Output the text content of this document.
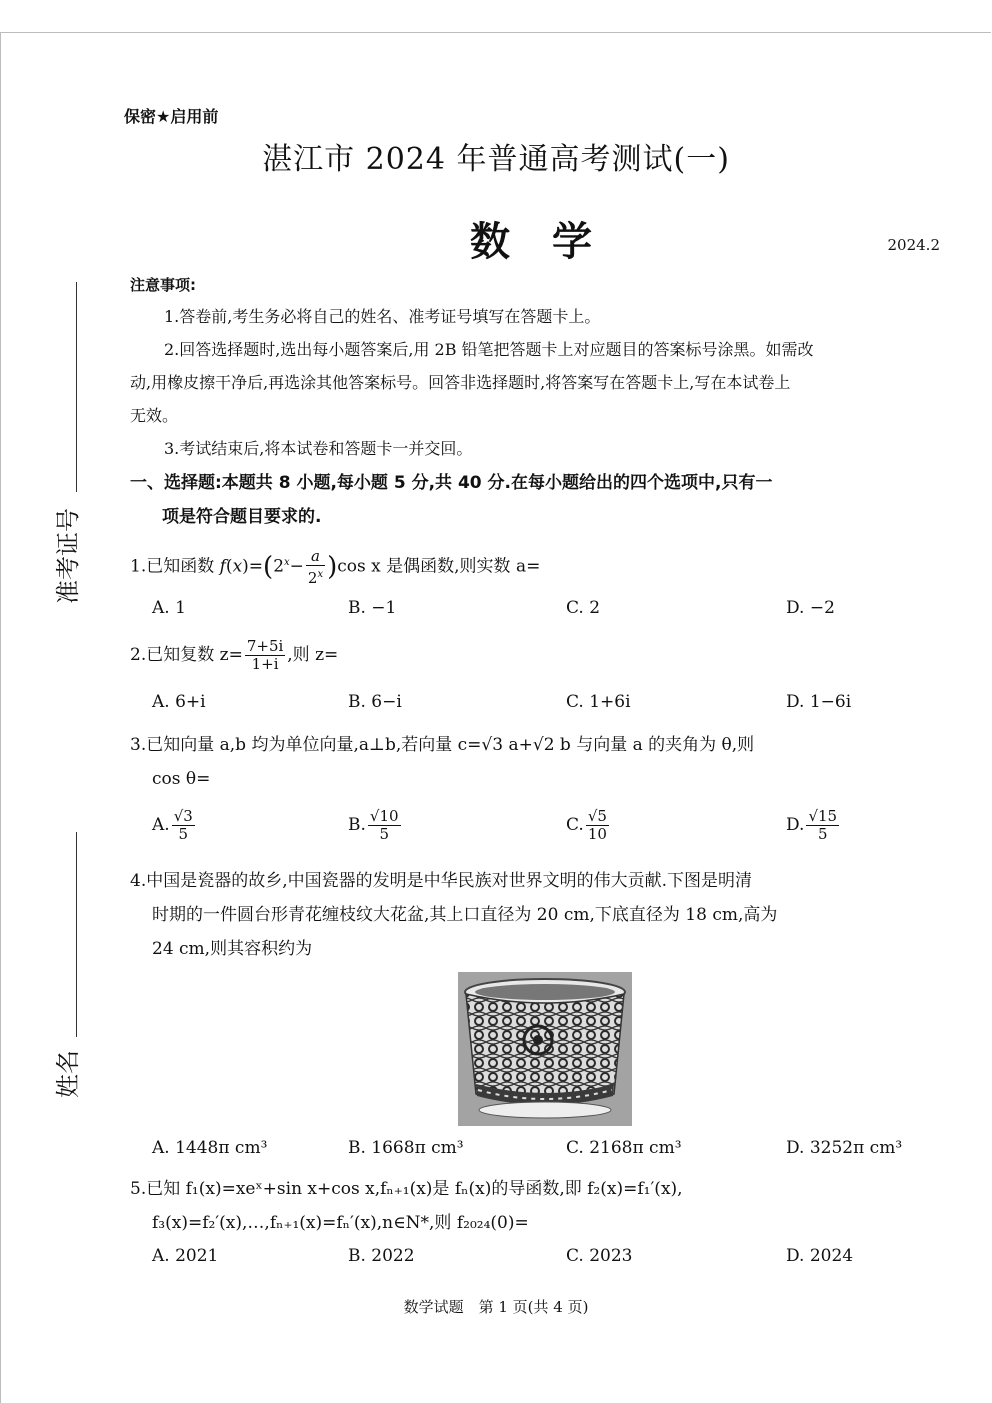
准考证号
姓名
保密★启用前
湛江市 2024 年普通高考测试(一)
数学	2024.2
注意事项:
1.答卷前,考生务必将自己的姓名、准考证号填写在答题卡上。
2.回答选择题时,选出每小题答案后,用 2B 铅笔把答题卡上对应题目的答案标号涂黑。如需改
动,用橡皮擦干净后,再选涂其他答案标号。回答非选择题时,将答案写在答题卡上,写在本试卷上
无效。
3.考试结束后,将本试卷和答题卡一并交回。
一、选择题:本题共 8 小题,每小题 5 分,共 40 分.在每小题给出的四个选项中,只有一
项是符合题目要求的.
1.已知函数 $f(x)=(2^x- \frac{a}{2^x} )\cos$ x 是偶函数,则实数 a=
A. 1	B. −1	C. 2	D. −2
2.已知复数 $z= \frac{7+5i}{1+i}$ ,则 z=
A. 6+i	B. 6−i	C. 1+6i	D. 1−6i
3.已知向量 a,b 均为单位向量,a⊥b,若向量 c=√3 a+√2 b 与向量 a 的夹角为 θ,则
cos θ=
A. $\frac{√3}{5}$	B. $\frac{√10}{5}$	C. $\frac{√5}{10}$	D. $\frac{√15}{5}$
4.中国是瓷器的故乡,中国瓷器的发明是中华民族对世界文明的伟大贡献.下图是明清
时期的一件圆台形青花缠枝纹大花盆,其上口直径为 20 cm,下底直径为 18 cm,高为
24 cm,则其容积约为
A. 1448π cm³	B. 1668π cm³	C. 2168π cm³	D. 3252π cm³
5.已知 f₁(x)=xeˣ+sin x+cos x,fₙ₊₁(x)是 fₙ(x)的导函数,即 f₂(x)=f₁′(x),
f₃(x)=f₂′(x),…,fₙ₊₁(x)=fₙ′(x),n∈N*,则 f₂₀₂₄(0)=
A. 2021	B. 2022	C. 2023	D. 2024
数学试题　第 1 页(共 4 页)
